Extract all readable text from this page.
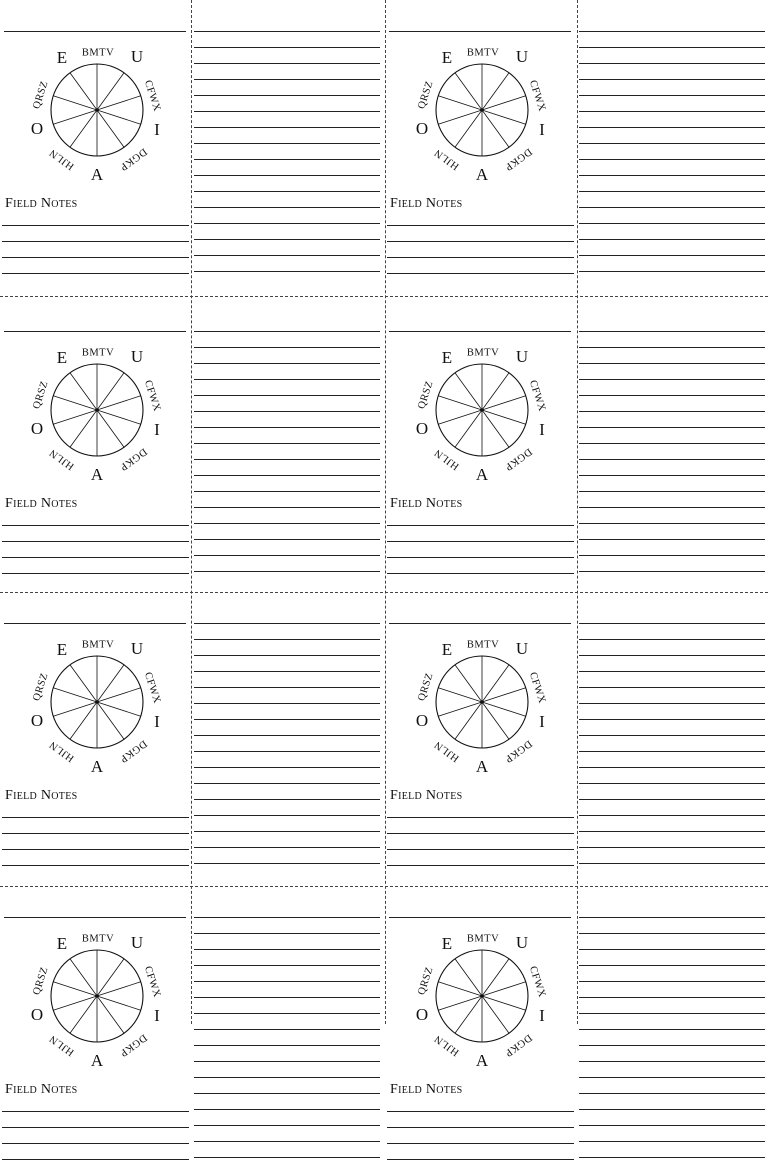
E	U
O	I
A
BMTV
CFWX
DGKP
HJLN
QRSZ
Field Notes
E	U
O	I
A
BMTV
CFWX
DGKP
HJLN
QRSZ
Field Notes
E	U
O	I
A
BMTV
CFWX
DGKP
HJLN
QRSZ
Field Notes
E	U
O	I
A
BMTV
CFWX
DGKP
HJLN
QRSZ
Field Notes
E	U
O	I
A
BMTV
CFWX
DGKP
HJLN
QRSZ
Field Notes
E	U
O	I
A
BMTV
CFWX
DGKP
HJLN
QRSZ
Field Notes
E	U
O	I
A
BMTV
CFWX
DGKP
HJLN
QRSZ
Field Notes
E	U
O	I
A
BMTV
CFWX
DGKP
HJLN
QRSZ
Field Notes
